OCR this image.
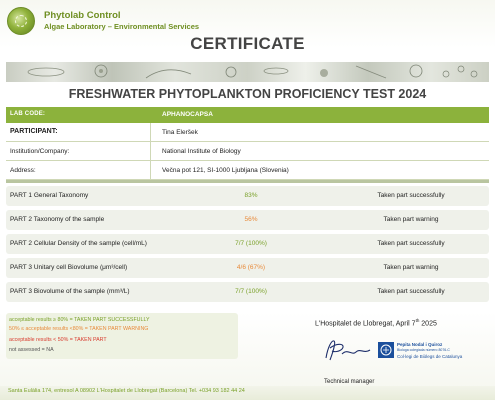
Phytolab Control
Algae Laboratory – Environmental Services
CERTIFICATE
FRESHWATER PHYTOPLANKTON PROFICIENCY TEST 2024
LAB CODE:	APHANOCAPSA
PARTICIPANT:	Tina Eleršek
Institution/Company:	National Institute of Biology
Address:	Večna pot 121, SI-1000 Ljubljana (Slovenia)
PART 1 General Taxonomy	83%	Taken part successfully
PART 2 Taxonomy of the sample	56%	Taken part warning
PART 2 Cellular Density of the sample (cell/mL)	7/7 (100%)	Taken part successfully
PART 3 Unitary cell Biovolume (μm³/cell)	4/6 (67%)	Taken part warning
PART 3 Biovolume of the sample (mm³/L)	7/7 (100%)	Taken part successfully
acceptable results ≥ 80% = TAKEN PART SUCCESSFULLY
50% ≤ acceptable results <80% = TAKEN PART WARNING
acceptable results < 50% = TAKEN PART
not assessed = NA
L'Hospitalet de Llobregat, April 7th 2025
Pepita Nodal i Quiroz
Biologa colegiada número 8076-C
Col·legi de Biòlegs de Catalunya
Technical manager
Santa Eulàlia 174, entresol A 08902 L'Hospitalet de Llobregat (Barcelona) Tel. +034 93 182 44 24
